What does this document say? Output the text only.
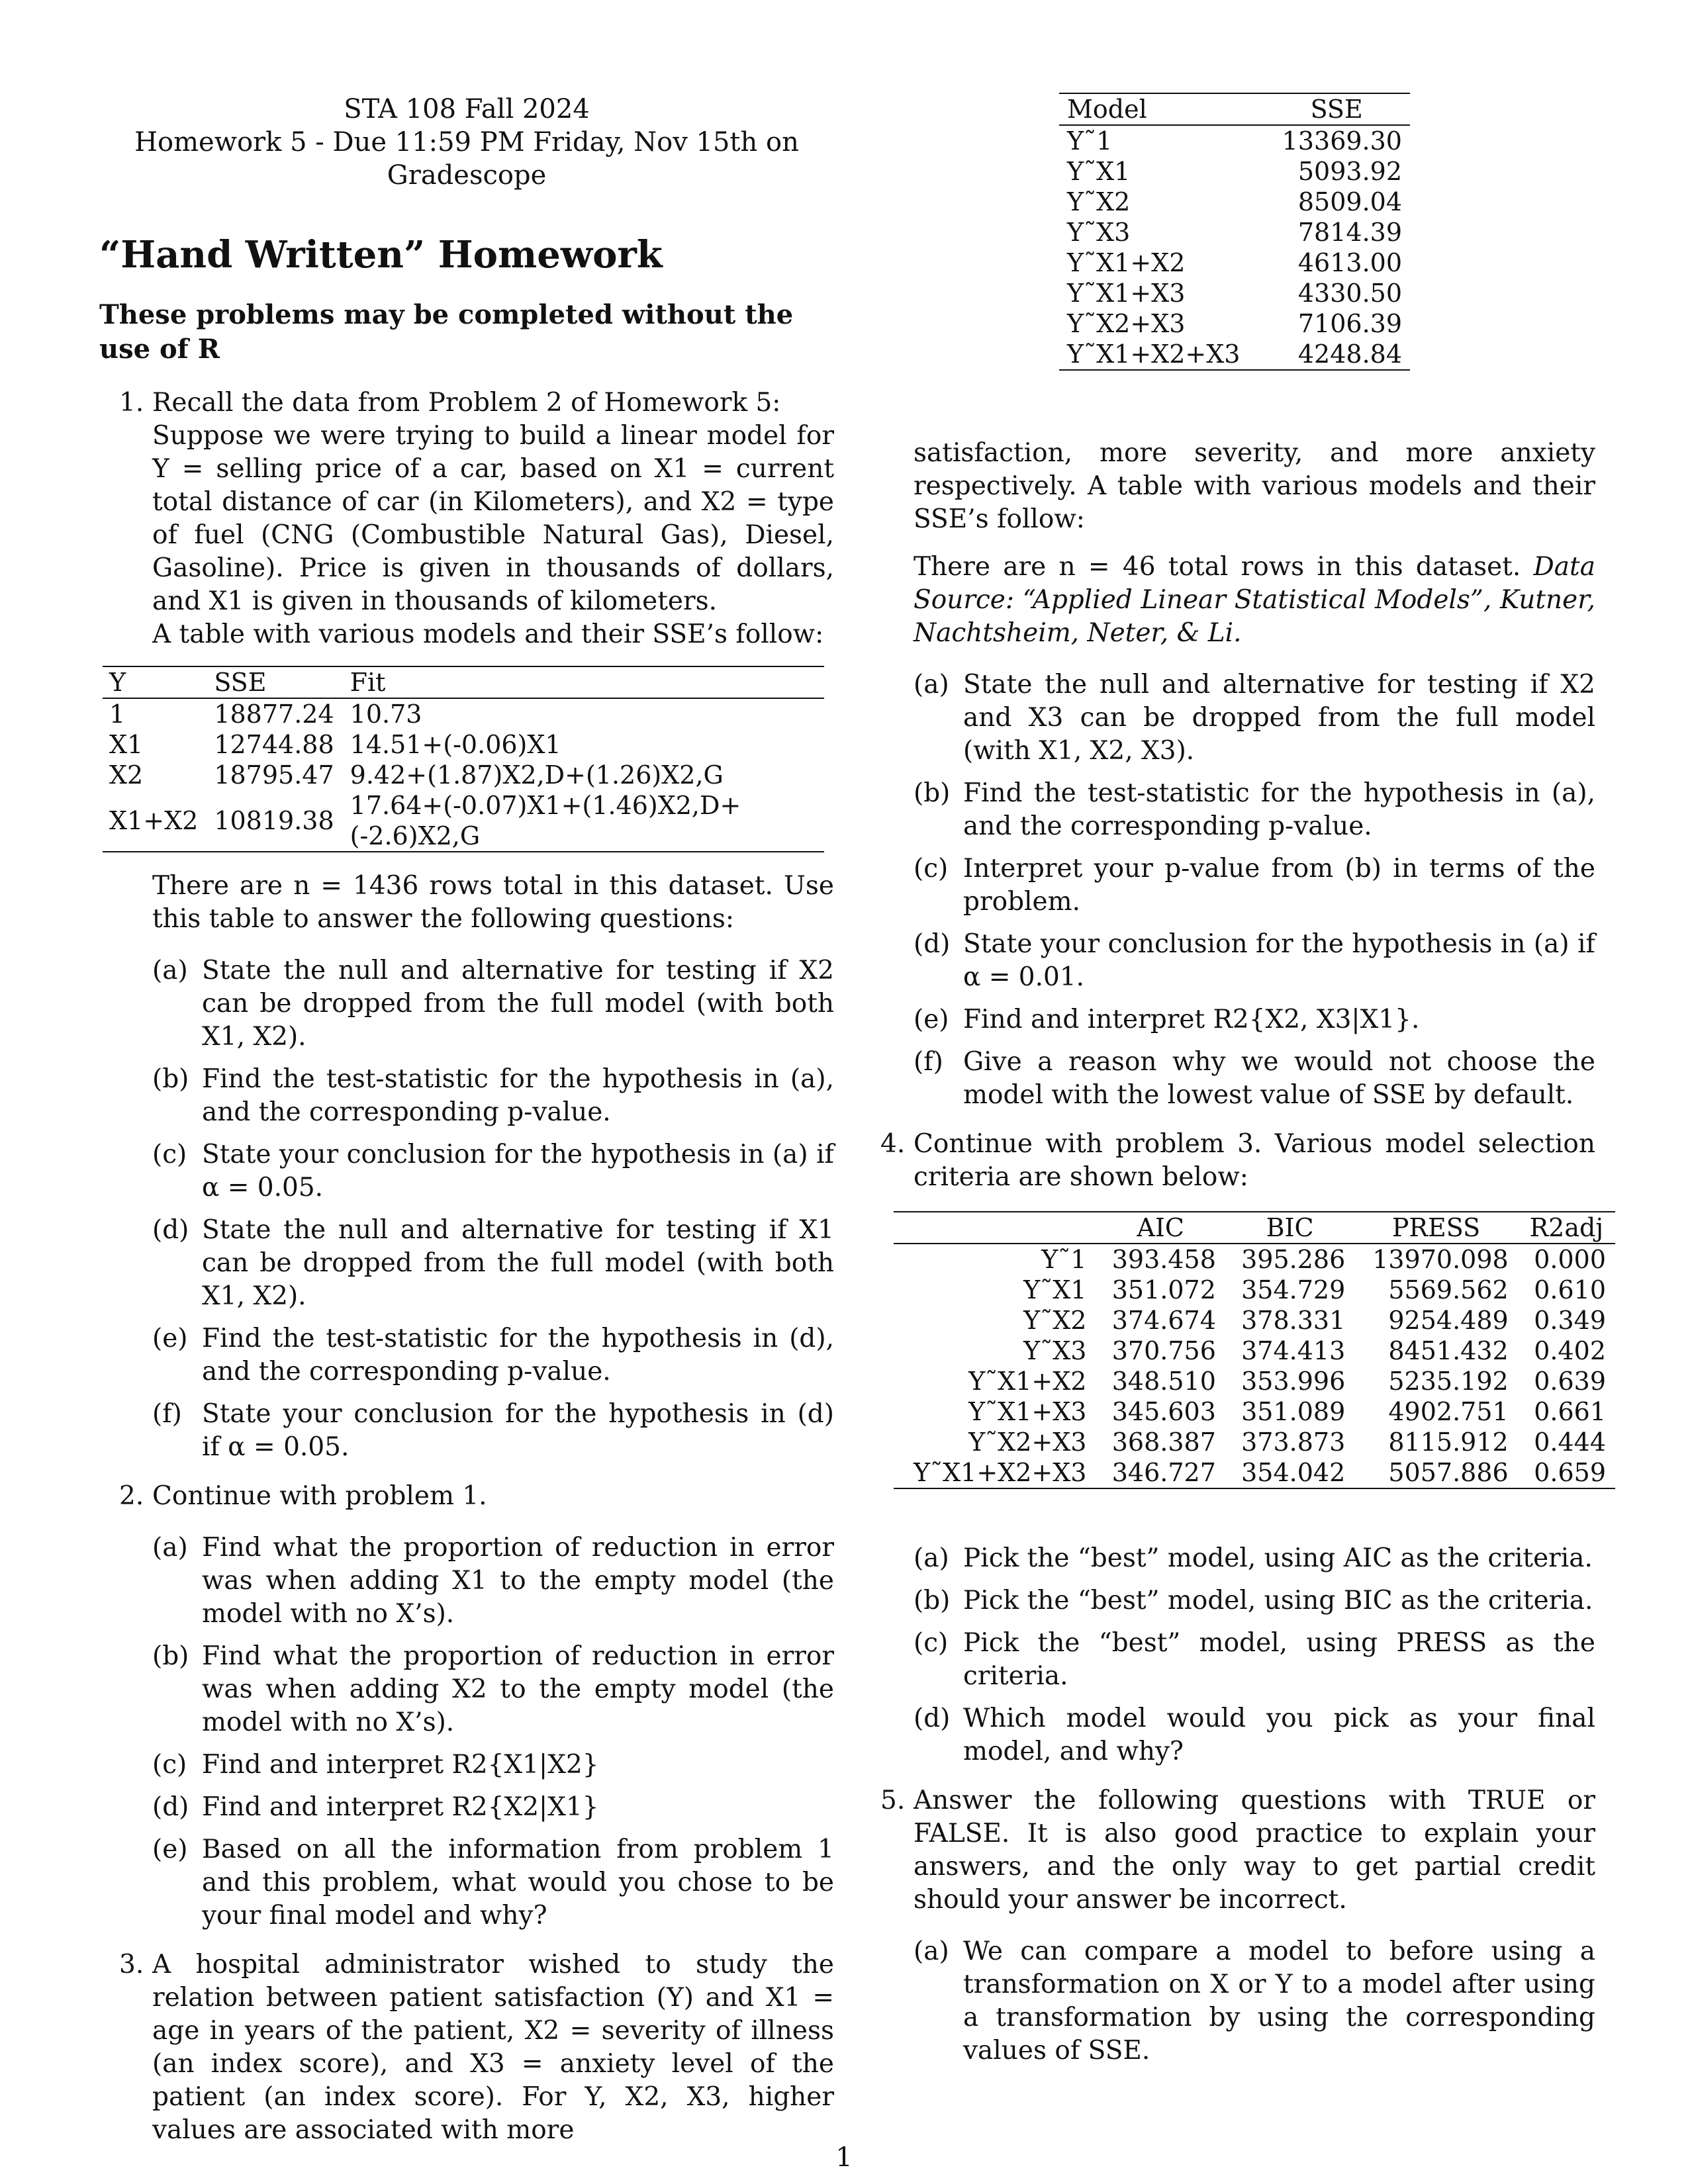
STA 108 Fall 2024

Homework 5 - Due 11:59 PM Friday, Nov 15th on

Gradescope

“Hand Written” Homework

These problems may be completed without the use of R

1. Recall the data from Problem 2 of Homework 5:

Suppose we were trying to build a linear model for Y = selling price of a car, based on X1 = current total distance of car (in Kilometers), and X2 = type of fuel (CNG (Combustible Natural Gas), Diesel, Gasoline). Price is given in thousands of dollars, and X1 is given in thousands of kilometers.

A table with various models and their SSE’s follow:

Y	SSE	Fit
1	18877.24	10.73
X1	12744.88	14.51+(-0.06)X1
X2	18795.47	9.42+(1.87)X2,D+(1.26)X2,G
X1+X2	10819.38	17.64+(-0.07)X1+(1.46)X2,D+(-2.6)X2,G

There are n = 1436 rows total in this dataset. Use this table to answer the following questions:

(a) State the null and alternative for testing if X2 can be dropped from the full model (with both X1, X2).
(b) Find the test-statistic for the hypothesis in (a), and the corresponding p-value.
(c) State your conclusion for the hypothesis in (a) if α = 0.05.
(d) State the null and alternative for testing if X1 can be dropped from the full model (with both X1, X2).
(e) Find the test-statistic for the hypothesis in (d), and the corresponding p-value.
(f) State your conclusion for the hypothesis in (d) if α = 0.05.
2. Continue with problem 1.

(a) Find what the proportion of reduction in error was when adding X1 to the empty model (the model with no X’s).
(b) Find what the proportion of reduction in error was when adding X2 to the empty model (the model with no X’s).
(c) Find and interpret R2{X1|X2}
(d) Find and interpret R2{X2|X1}
(e) Based on all the information from problem 1 and this problem, what would you chose to be your final model and why?
3. A hospital administrator wished to study the relation between patient satisfaction (Y) and X1 = age in years of the patient, X2 = severity of illness (an index score), and X3 = anxiety level of the patient (an index score). For Y, X2, X3, higher values are associated with more

Model	SSE
Y˜1	13369.30
Y˜X1	5093.92
Y˜X2	8509.04
Y˜X3	7814.39
Y˜X1+X2	4613.00
Y˜X1+X3	4330.50
Y˜X2+X3	7106.39
Y˜X1+X2+X3	4248.84

satisfaction, more severity, and more anxiety respectively. A table with various models and their SSE’s follow:

There are n = 46 total rows in this dataset. Data Source: “Applied Linear Statistical Models”, Kutner, Nachtsheim, Neter, & Li.

(a) State the null and alternative for testing if X2 and X3 can be dropped from the full model (with X1, X2, X3).
(b) Find the test-statistic for the hypothesis in (a), and the corresponding p-value.
(c) Interpret your p-value from (b) in terms of the problem.
(d) State your conclusion for the hypothesis in (a) if α = 0.01.
(e) Find and interpret R2{X2, X3|X1}.
(f) Give a reason why we would not choose the model with the lowest value of SSE by default.
4. Continue with problem 3. Various model selection criteria are shown below:

	AIC	BIC	PRESS	R2adj
Y˜1	393.458	395.286	13970.098	0.000
Y˜X1	351.072	354.729	5569.562	0.610
Y˜X2	374.674	378.331	9254.489	0.349
Y˜X3	370.756	374.413	8451.432	0.402
Y˜X1+X2	348.510	353.996	5235.192	0.639
Y˜X1+X3	345.603	351.089	4902.751	0.661
Y˜X2+X3	368.387	373.873	8115.912	0.444
Y˜X1+X2+X3	346.727	354.042	5057.886	0.659
(a) Pick the “best” model, using AIC as the criteria.
(b) Pick the “best” model, using BIC as the criteria.
(c) Pick the “best” model, using PRESS as the criteria.
(d) Which model would you pick as your final model, and why?
5. Answer the following questions with TRUE or FALSE. It is also good practice to explain your answers, and the only way to get partial credit should your answer be incorrect.

(a) We can compare a model to before using a transformation on X or Y to a model after using a transformation by using the corresponding values of SSE.
1
